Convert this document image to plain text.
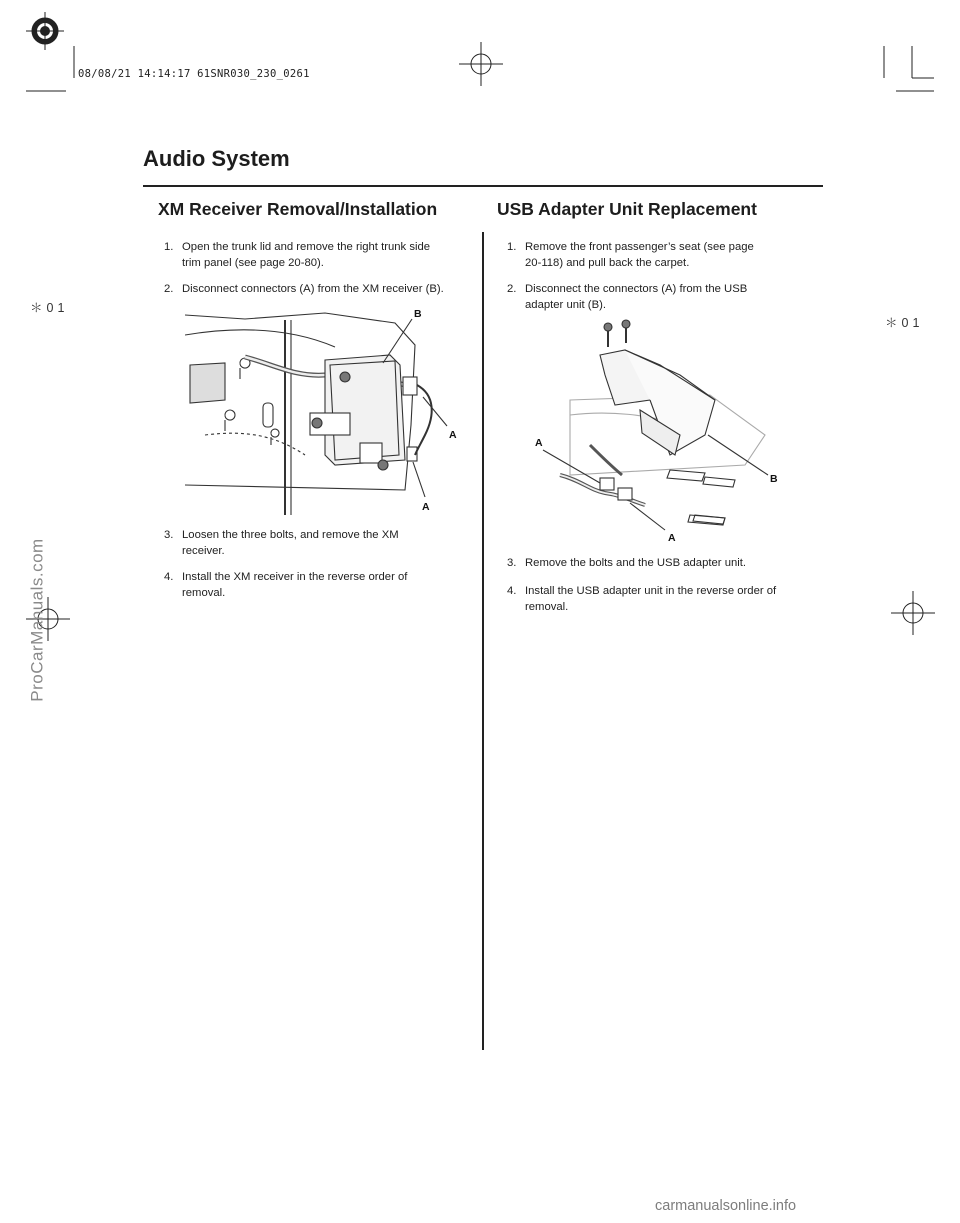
08/08/21 14:14:17 61SNR030_230_0261
Audio System
＊01
＊01
XM Receiver Removal/Installation	USB Adapter Unit Replacement
1. Open the trunk lid and remove the right trunk side
trim panel (see page 20-80).
2. Disconnect connectors (A) from the XM receiver (B).
3. Loosen the three bolts, and remove the XM
receiver.
4. Install the XM receiver in the reverse order of
removal.
1. Remove the front passenger’s seat (see page
20-118) and pull back the carpet.
2. Disconnect the connectors (A) from the USB
adapter unit (B).
3. Remove the bolts and the USB adapter unit.
4. Install the USB adapter unit in the reverse order of
removal.
B
A
A
A
B
A
ProCarManuals.com
carmanualsonline.info
